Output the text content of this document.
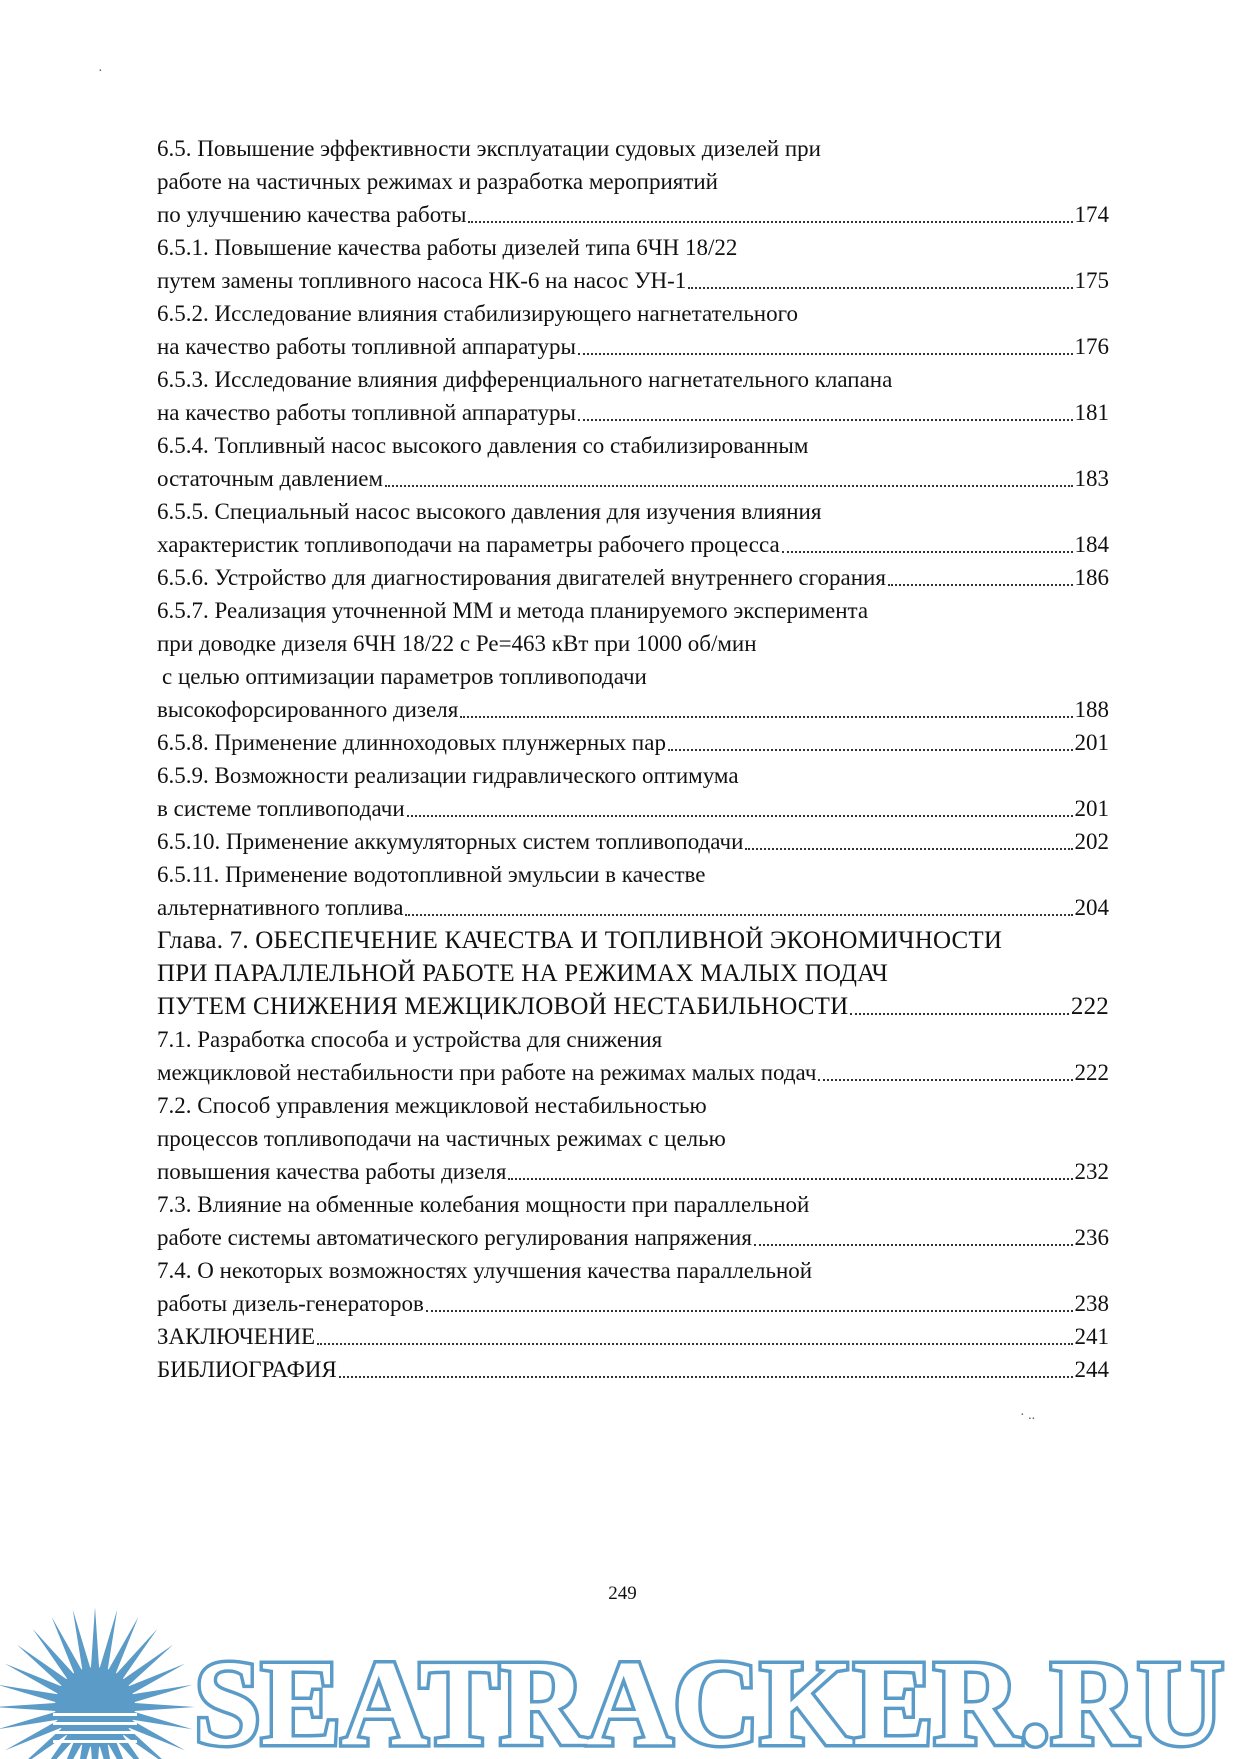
·
· ..
6.5. Повышение эффективности эксплуатации судовых дизелей при
работе на частичных режимах и разработка мероприятий
по улучшению качества работы	174
6.5.1. Повышение качества работы дизелей типа 6ЧН 18/22
путем замены топливного насоса НК-6 на насос УН-1	175
6.5.2. Исследование влияния стабилизирующего нагнетательного
на качество работы топливной аппаратуры	176
6.5.3. Исследование влияния дифференциального нагнетательного клапана
на качество работы топливной аппаратуры	181
6.5.4. Топливный насос высокого давления со стабилизированным
остаточным давлением	183
6.5.5. Специальный насос высокого давления для изучения влияния
характеристик топливоподачи на параметры рабочего процесса	184
6.5.6. Устройство для диагностирования двигателей внутреннего сгорания	186
6.5.7. Реализация уточненной ММ и метода планируемого эксперимента
при доводке дизеля 6ЧН 18/22 с Ре=463 кВт при 1000 об/мин
с целью оптимизации параметров топливоподачи
высокофорсированного дизеля	188
6.5.8. Применение длинноходовых плунжерных пар	201
6.5.9. Возможности реализации гидравлического оптимума
в системе топливоподачи	201
6.5.10. Применение аккумуляторных систем топливоподачи	202
6.5.11. Применение водотопливной эмульсии в качестве
альтернативного топлива	204
Глава. 7. ОБЕСПЕЧЕНИЕ КАЧЕСТВА И ТОПЛИВНОЙ ЭКОНОМИЧНОСТИ
ПРИ ПАРАЛЛЕЛЬНОЙ РАБОТЕ НА РЕЖИМАХ МАЛЫХ ПОДАЧ
ПУТЕМ СНИЖЕНИЯ МЕЖЦИКЛОВОЙ НЕСТАБИЛЬНОСТИ	222
7.1. Разработка способа и устройства для снижения
межцикловой нестабильности при работе на режимах малых подач	222
7.2. Способ управления межцикловой нестабильностью
процессов топливоподачи на частичных режимах с целью
повышения качества работы дизеля	232
7.3. Влияние на обменные колебания мощности при параллельной
работе системы автоматического регулирования напряжения	236
7.4. О некоторых возможностях улучшения качества параллельной
работы дизель-генераторов	238
ЗАКЛЮЧЕНИЕ	241
БИБЛИОГРАФИЯ	244
249
SEATRACKER.RU
